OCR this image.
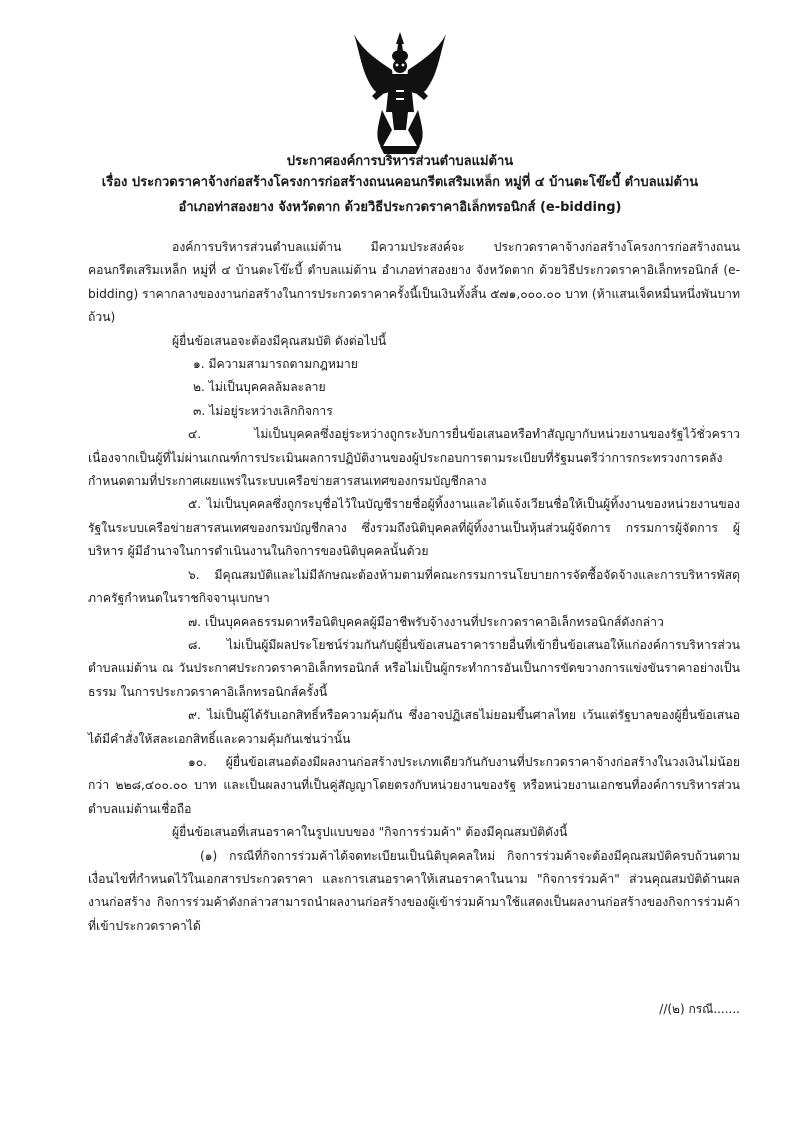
ประกาศองค์การบริหารส่วนตำบลแม่ต้าน
เรื่อง ประกวดราคาจ้างก่อสร้างโครงการก่อสร้างถนนคอนกรีตเสริมเหล็ก หมู่ที่ ๔ บ้านตะโข๊ะบี้ ตำบลแม่ต้าน
อำเภอท่าสองยาง จังหวัดตาก ด้วยวิธีประกวดราคาอิเล็กทรอนิกส์ (e-bidding)

องค์การบริหารส่วนตำบลแม่ต้าน มีความประสงค์จะ ประกวดราคาจ้างก่อสร้างโครงการก่อสร้างถนนคอนกรีตเสริมเหล็ก หมู่ที่ ๔ บ้านตะโข๊ะบี้ ตำบลแม่ต้าน อำเภอท่าสองยาง จังหวัดตาก ด้วยวิธีประกวดราคาอิเล็กทรอนิกส์ (e-bidding) ราคากลางของงานก่อสร้างในการประกวดราคาครั้งนี้เป็นเงินทั้งสิ้น ๕๗๑,๐๐๐.๐๐ บาท (ห้าแสนเจ็ดหมื่นหนึ่งพันบาทถ้วน)

ผู้ยื่นข้อเสนอจะต้องมีคุณสมบัติ ดังต่อไปนี้

๑. มีความสามารถตามกฎหมาย

๒. ไม่เป็นบุคคลล้มละลาย

๓. ไม่อยู่ระหว่างเลิกกิจการ

๔. ไม่เป็นบุคคลซึ่งอยู่ระหว่างถูกระงับการยื่นข้อเสนอหรือทำสัญญากับหน่วยงานของรัฐไว้ชั่วคราว เนื่องจากเป็นผู้ที่ไม่ผ่านเกณฑ์การประเมินผลการปฏิบัติงานของผู้ประกอบการตามระเบียบที่รัฐมนตรีว่าการกระทรวงการคลังกำหนดตามที่ประกาศเผยแพร่ในระบบเครือข่ายสารสนเทศของกรมบัญชีกลาง

๕. ไม่เป็นบุคคลซึ่งถูกระบุชื่อไว้ในบัญชีรายชื่อผู้ทิ้งงานและได้แจ้งเวียนชื่อให้เป็นผู้ทิ้งงานของหน่วยงานของรัฐในระบบเครือข่ายสารสนเทศของกรมบัญชีกลาง ซึ่งรวมถึงนิติบุคคลที่ผู้ทิ้งงานเป็นหุ้นส่วนผู้จัดการ กรรมการผู้จัดการ ผู้บริหาร ผู้มีอำนาจในการดำเนินงานในกิจการของนิติบุคคลนั้นด้วย

๖. มีคุณสมบัติและไม่มีลักษณะต้องห้ามตามที่คณะกรรมการนโยบายการจัดซื้อจัดจ้างและการบริหารพัสดุภาครัฐกำหนดในราชกิจจานุเบกษา

๗. เป็นบุคคลธรรมดาหรือนิติบุคคลผู้มีอาชีพรับจ้างงานที่ประกวดราคาอิเล็กทรอนิกส์ดังกล่าว

๘. ไม่เป็นผู้มีผลประโยชน์ร่วมกันกับผู้ยื่นข้อเสนอราคารายอื่นที่เข้ายื่นข้อเสนอให้แก่องค์การบริหารส่วนตำบลแม่ต้าน ณ วันประกาศประกวดราคาอิเล็กทรอนิกส์ หรือไม่เป็นผู้กระทำการอันเป็นการขัดขวางการแข่งขันราคาอย่างเป็นธรรม ในการประกวดราคาอิเล็กทรอนิกส์ครั้งนี้

๙. ไม่เป็นผู้ได้รับเอกสิทธิ์หรือความคุ้มกัน ซึ่งอาจปฏิเสธไม่ยอมขึ้นศาลไทย เว้นแต่รัฐบาลของผู้ยื่นข้อเสนอได้มีคำสั่งให้สละเอกสิทธิ์และความคุ้มกันเช่นว่านั้น

๑๐. ผู้ยื่นข้อเสนอต้องมีผลงานก่อสร้างประเภทเดียวกันกับงานที่ประกวดราคาจ้างก่อสร้างในวงเงินไม่น้อยกว่า ๒๒๘,๔๐๐.๐๐ บาท และเป็นผลงานที่เป็นคู่สัญญาโดยตรงกับหน่วยงานของรัฐ หรือหน่วยงานเอกชนที่องค์การบริหารส่วนตำบลแม่ต้านเชื่อถือ

ผู้ยื่นข้อเสนอที่เสนอราคาในรูปแบบของ "กิจการร่วมค้า" ต้องมีคุณสมบัติดังนี้

(๑) กรณีที่กิจการร่วมค้าได้จดทะเบียนเป็นนิติบุคคลใหม่ กิจการร่วมค้าจะต้องมีคุณสมบัติครบถ้วนตามเงื่อนไขที่กำหนดไว้ในเอกสารประกวดราคา และการเสนอราคาให้เสนอราคาในนาม "กิจการร่วมค้า" ส่วนคุณสมบัติด้านผลงานก่อสร้าง กิจการร่วมค้าดังกล่าวสามารถนำผลงานก่อสร้างของผู้เข้าร่วมค้ามาใช้แสดงเป็นผลงานก่อสร้างของกิจการร่วมค้าที่เข้าประกวดราคาได้

//(๒) กรณี.......
